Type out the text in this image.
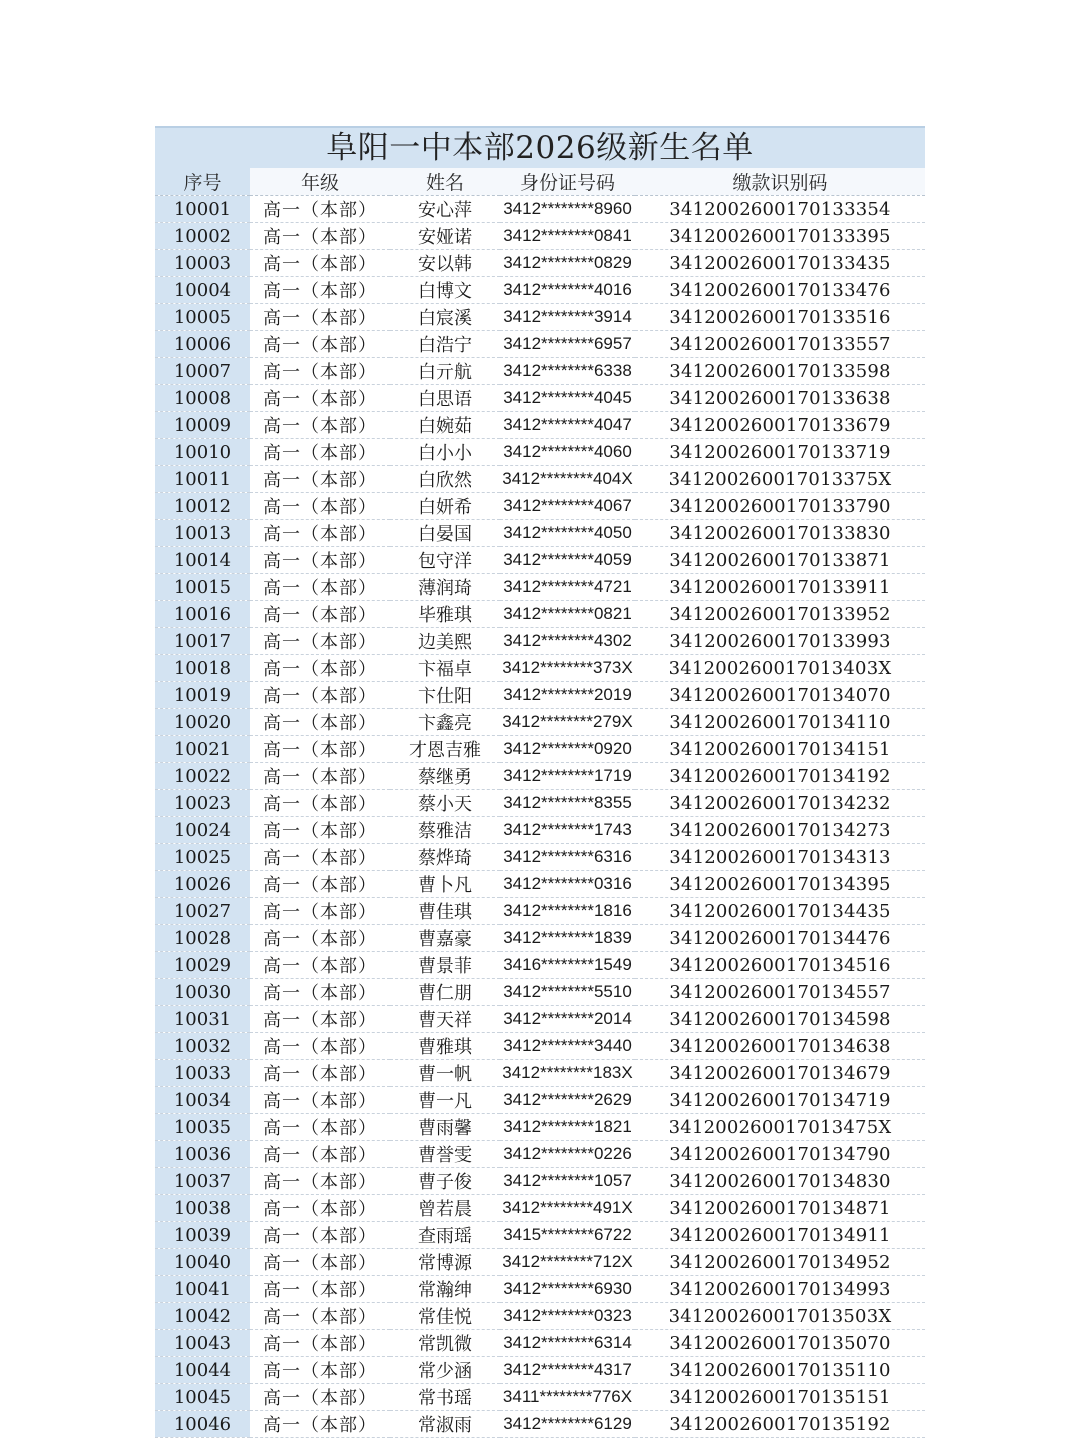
阜阳一中本部2026级新生名单
序号	年级	姓名	身份证号码	缴款识别码
10001	高一（本部）	安心萍	3412********8960	3412002600170133354
10002	高一（本部）	安娅诺	3412********0841	3412002600170133395
10003	高一（本部）	安以韩	3412********0829	3412002600170133435
10004	高一（本部）	白博文	3412********4016	3412002600170133476
10005	高一（本部）	白宸溪	3412********3914	3412002600170133516
10006	高一（本部）	白浩宁	3412********6957	3412002600170133557
10007	高一（本部）	白亓航	3412********6338	3412002600170133598
10008	高一（本部）	白思语	3412********4045	3412002600170133638
10009	高一（本部）	白婉茹	3412********4047	3412002600170133679
10010	高一（本部）	白小小	3412********4060	3412002600170133719
10011	高一（本部）	白欣然	3412********404X	341200260017013375X
10012	高一（本部）	白妍希	3412********4067	3412002600170133790
10013	高一（本部）	白晏国	3412********4050	3412002600170133830
10014	高一（本部）	包守洋	3412********4059	3412002600170133871
10015	高一（本部）	薄润琦	3412********4721	3412002600170133911
10016	高一（本部）	毕雅琪	3412********0821	3412002600170133952
10017	高一（本部）	边美熙	3412********4302	3412002600170133993
10018	高一（本部）	卞福卓	3412********373X	341200260017013403X
10019	高一（本部）	卞仕阳	3412********2019	3412002600170134070
10020	高一（本部）	卞鑫亮	3412********279X	3412002600170134110
10021	高一（本部）	才恩吉雅	3412********0920	3412002600170134151
10022	高一（本部）	蔡继勇	3412********1719	3412002600170134192
10023	高一（本部）	蔡小天	3412********8355	3412002600170134232
10024	高一（本部）	蔡雅洁	3412********1743	3412002600170134273
10025	高一（本部）	蔡烨琦	3412********6316	3412002600170134313
10026	高一（本部）	曹卜凡	3412********0316	3412002600170134395
10027	高一（本部）	曹佳琪	3412********1816	3412002600170134435
10028	高一（本部）	曹嘉豪	3412********1839	3412002600170134476
10029	高一（本部）	曹景菲	3416********1549	3412002600170134516
10030	高一（本部）	曹仁朋	3412********5510	3412002600170134557
10031	高一（本部）	曹天祥	3412********2014	3412002600170134598
10032	高一（本部）	曹雅琪	3412********3440	3412002600170134638
10033	高一（本部）	曹一帆	3412********183X	3412002600170134679
10034	高一（本部）	曹一凡	3412********2629	3412002600170134719
10035	高一（本部）	曹雨馨	3412********1821	341200260017013475X
10036	高一（本部）	曹誉雯	3412********0226	3412002600170134790
10037	高一（本部）	曹子俊	3412********1057	3412002600170134830
10038	高一（本部）	曾若晨	3412********491X	3412002600170134871
10039	高一（本部）	查雨瑶	3415********6722	3412002600170134911
10040	高一（本部）	常博源	3412********712X	3412002600170134952
10041	高一（本部）	常瀚绅	3412********6930	3412002600170134993
10042	高一（本部）	常佳悦	3412********0323	341200260017013503X
10043	高一（本部）	常凯微	3412********6314	3412002600170135070
10044	高一（本部）	常少涵	3412********4317	3412002600170135110
10045	高一（本部）	常书瑶	3411********776X	3412002600170135151
10046	高一（本部）	常淑雨	3412********6129	3412002600170135192
